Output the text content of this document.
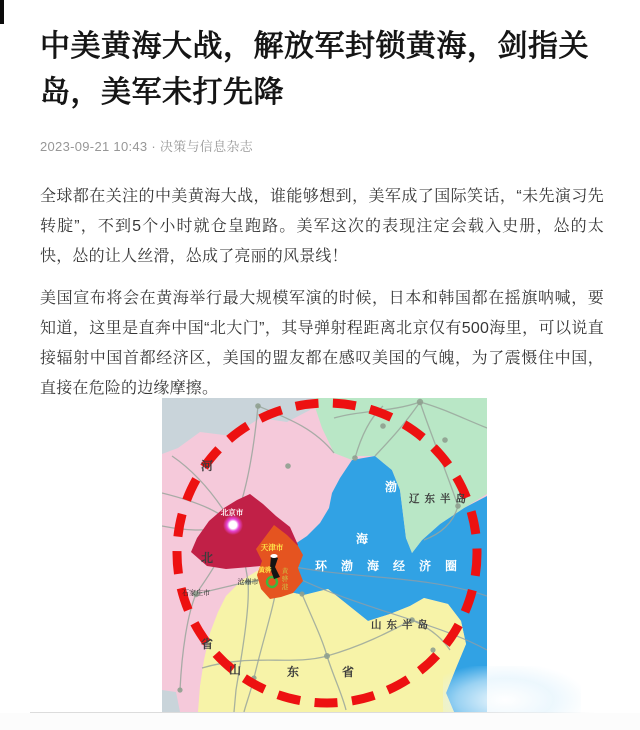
中美黄海大战，解放军封锁黄海，剑指关岛，美军未打先降
2023-09-21 10:43 · 决策与信息杂志

全球都在关注的中美黄海大战，谁能够想到，美军成了国际笑话，“未先演习先转腚”，不到5个小时就仓皇跑路。美军这次的表现注定会载入史册，怂的太快，怂的让人丝滑，怂成了亮丽的风景线！

美国宣布将会在黄海举行最大规模军演的时候，日本和韩国都在摇旗呐喊，要知道，这里是直奔中国“北大门”，其导弹射程距离北京仅有500海里，可以说直接辐射中国首都经济区，美国的盟友都在感叹美国的气魄，为了震慑住中国，直接在危险的边缘摩擦。

河
北
省
北京市
天津市
黄骅 黄
骅
港
沧州市
石家庄市
渤
海
环渤海经济圈
辽东半岛
山东半岛
山	东	省
